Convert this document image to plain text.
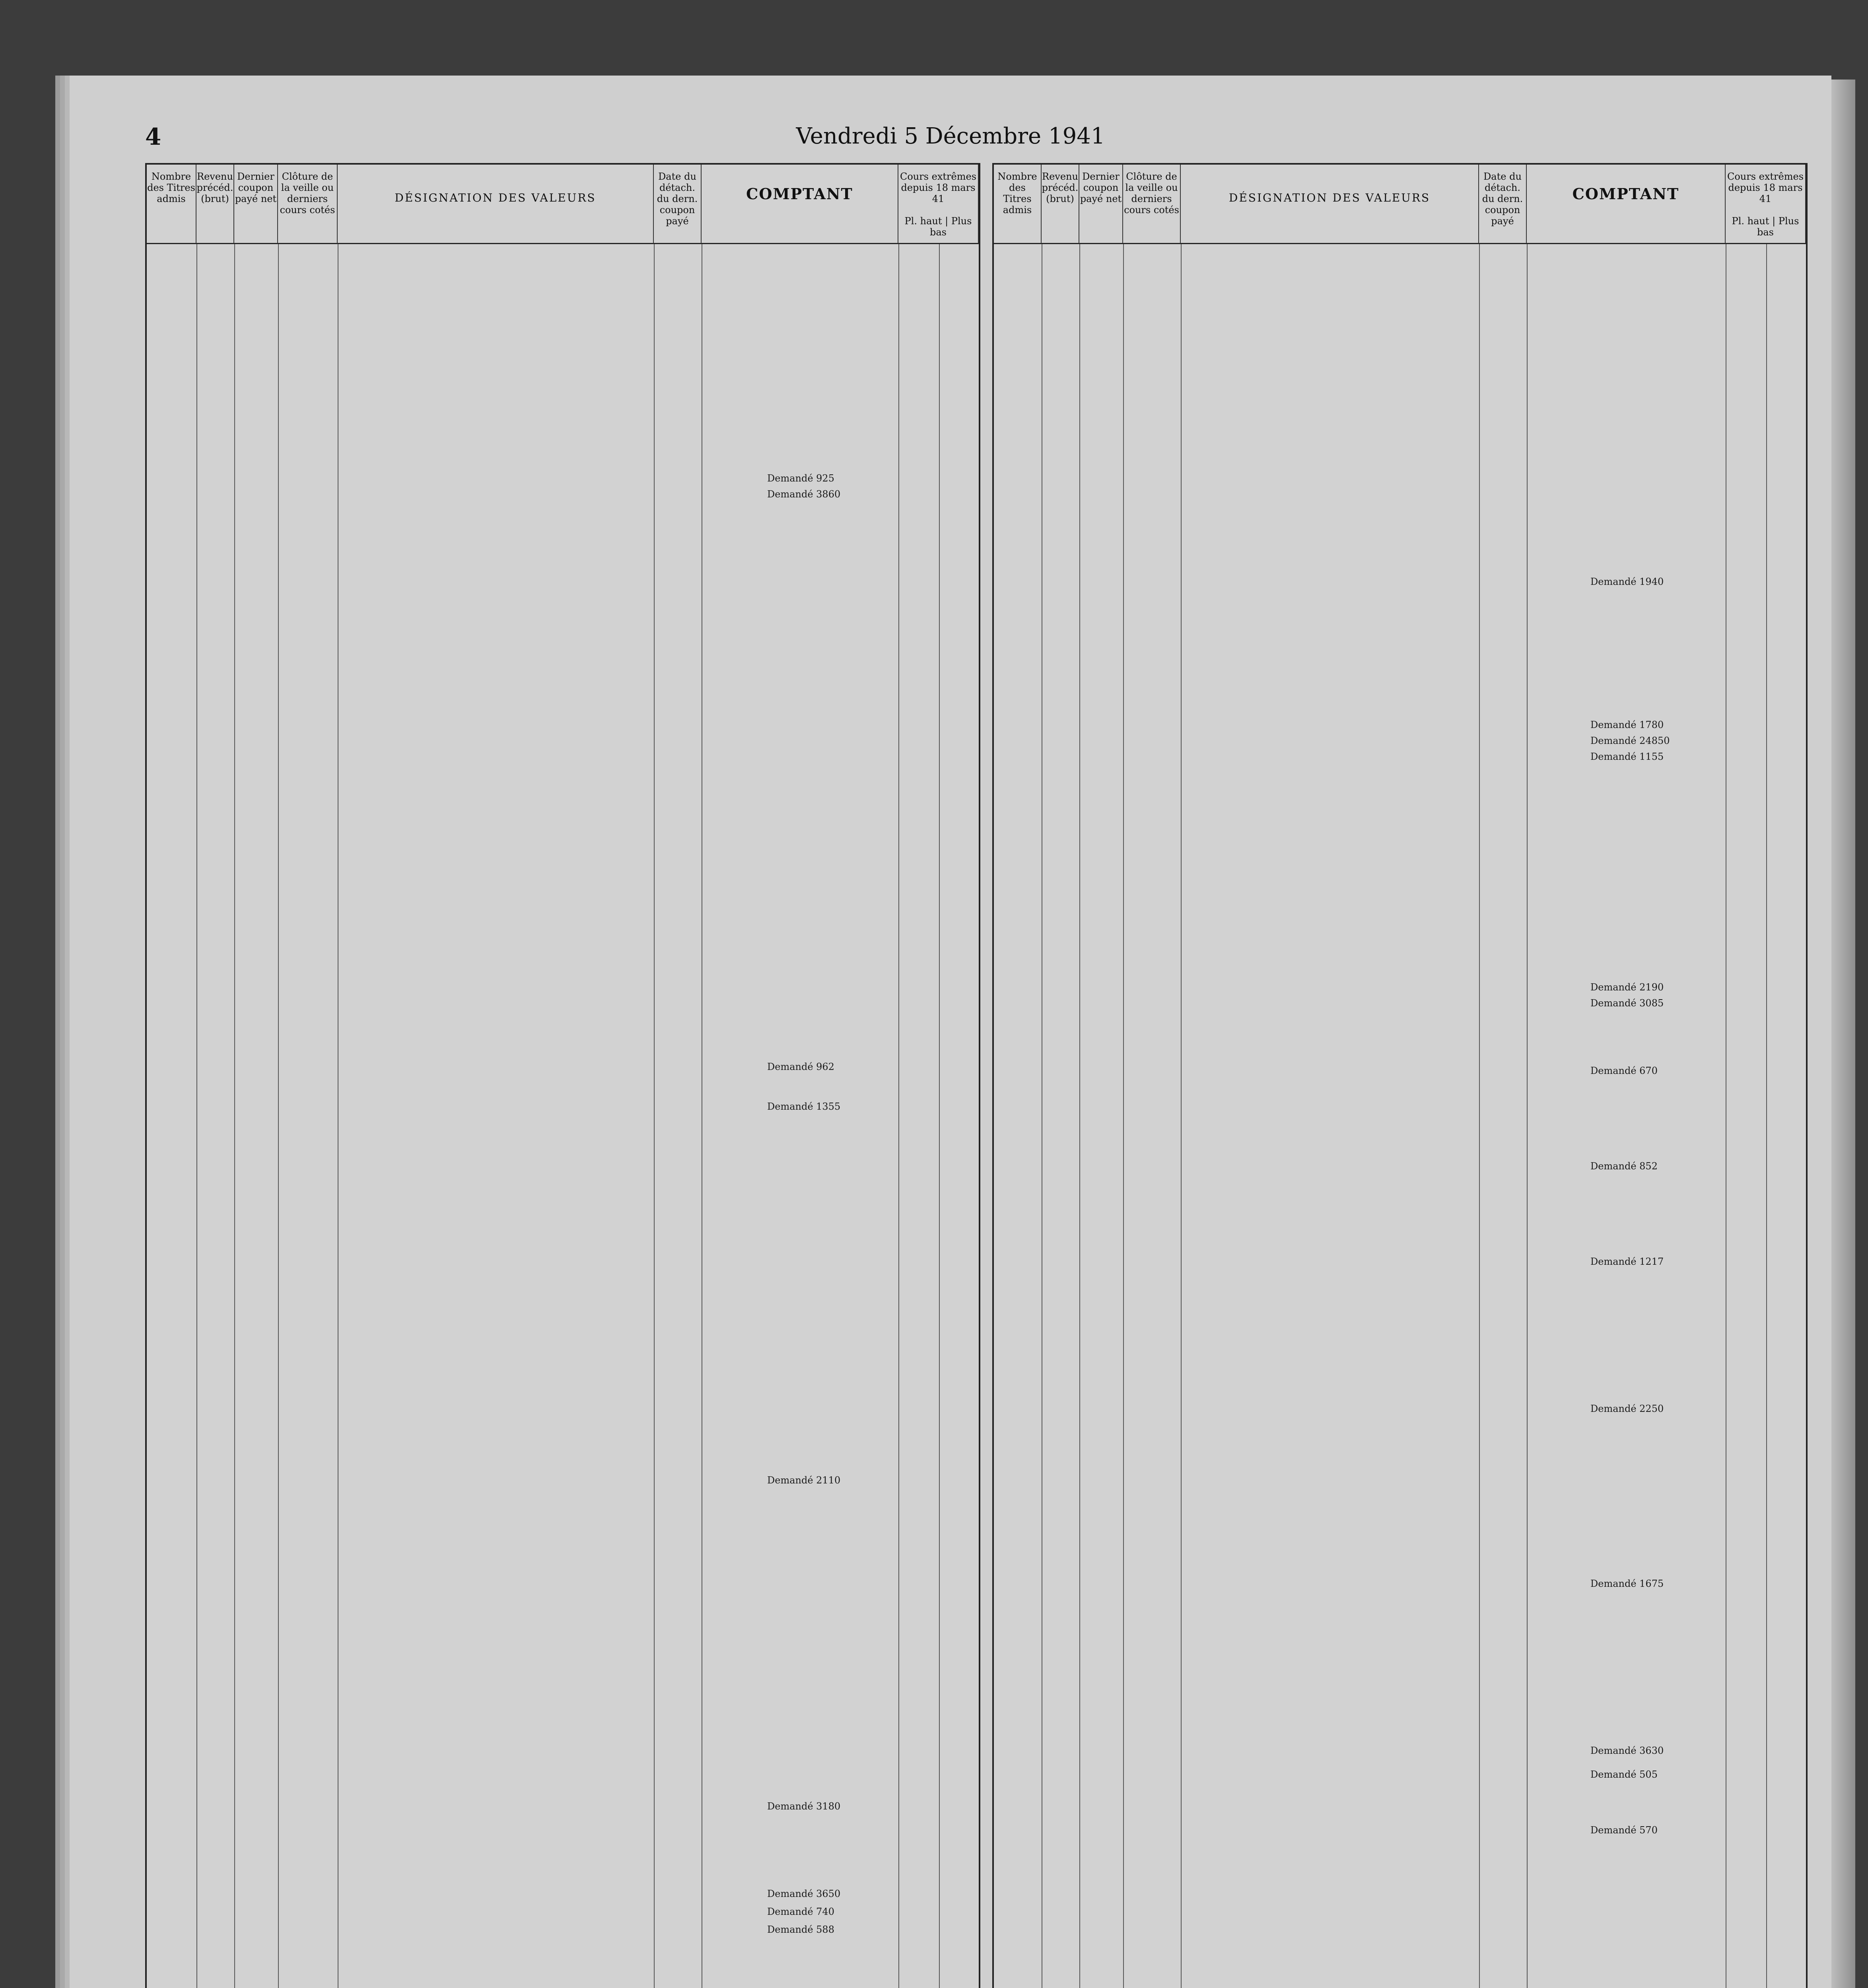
4	Vendredi 5 Décembre 1941
Nombre des Titres admis
Revenu précéd. (brut)
Dernier coupon payé net
Clôture de la veille ou derniers cours cotés
DÉSIGNATION DES VALEURS
Date du détach. du dern. coupon payé
COMPTANT
Cours extrêmes depuis 18 mars 41

Pl. haut | Plus bas
Demandé 925
Demandé 3860
Demandé 962
Demandé 1355
Demandé 2110
Demandé 3180
Demandé 3650
Demandé 740
Demandé 588
Nombre des Titres admis
Revenu précéd. (brut)
Dernier coupon payé net
Clôture de la veille ou derniers cours cotés
DÉSIGNATION DES VALEURS
Date du détach. du dern. coupon payé
COMPTANT
Cours extrêmes depuis 18 mars 41

Pl. haut | Plus bas
Demandé 1940
Demandé 1780
Demandé 24850
Demandé 1155
Demandé 2190
Demandé 3085
Demandé 670
Demandé 852
Demandé 1217
Demandé 2250
Demandé 1675
Demandé 3630
Demandé 505
Demandé 570
